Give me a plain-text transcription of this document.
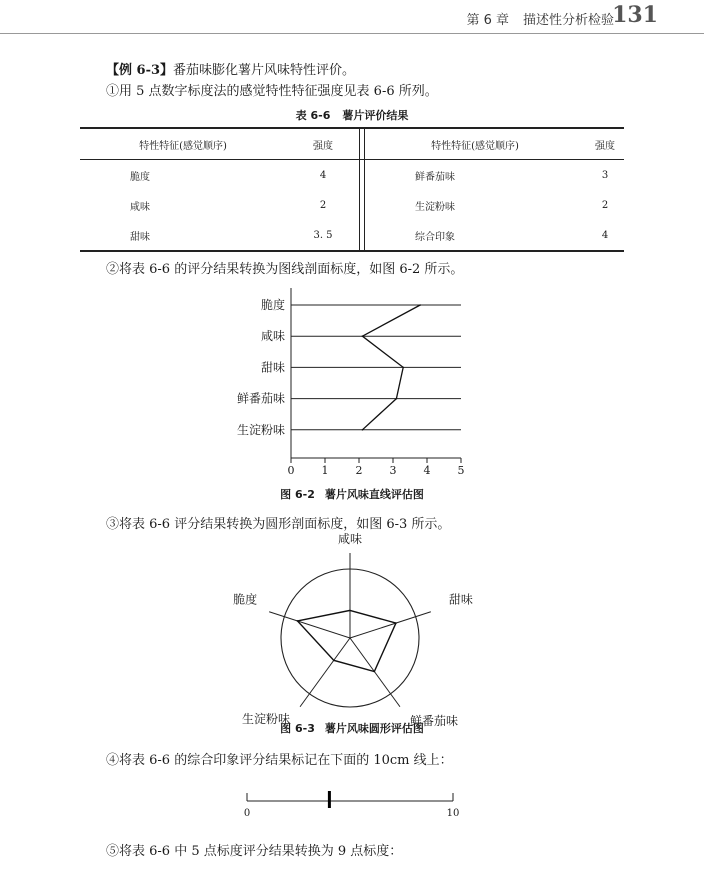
第 6 章 描述性分析检验
131
【例 6-3】番茄味膨化薯片风味特性评价。
①用 5 点数字标度法的感觉特性特征强度见表 6-6 所列。
表 6-6 薯片评价结果
特性特征(感觉顺序)	强度		特性特征(感觉顺序)	强度
脆度	4		鲜番茄味	3
咸味	2		生淀粉味	2
甜味	3. 5		综合印象	4
②将表 6-6 的评分结果转换为图线剖面标度，如图 6-2 所示。
脆度
咸味
甜味
鲜番茄味
生淀粉味
0 1 2 3 4 5
图 6-2 薯片风味直线评估图
③将表 6-6 评分结果转换为圆形剖面标度，如图 6-3 所示。
咸味
甜味
鲜番茄味
生淀粉味
脆度
图 6-3 薯片风味圆形评估图
④将表 6-6 的综合印象评分结果标记在下面的 10cm 线上：
0	10
⑤将表 6-6 中 5 点标度评分结果转换为 9 点标度：
